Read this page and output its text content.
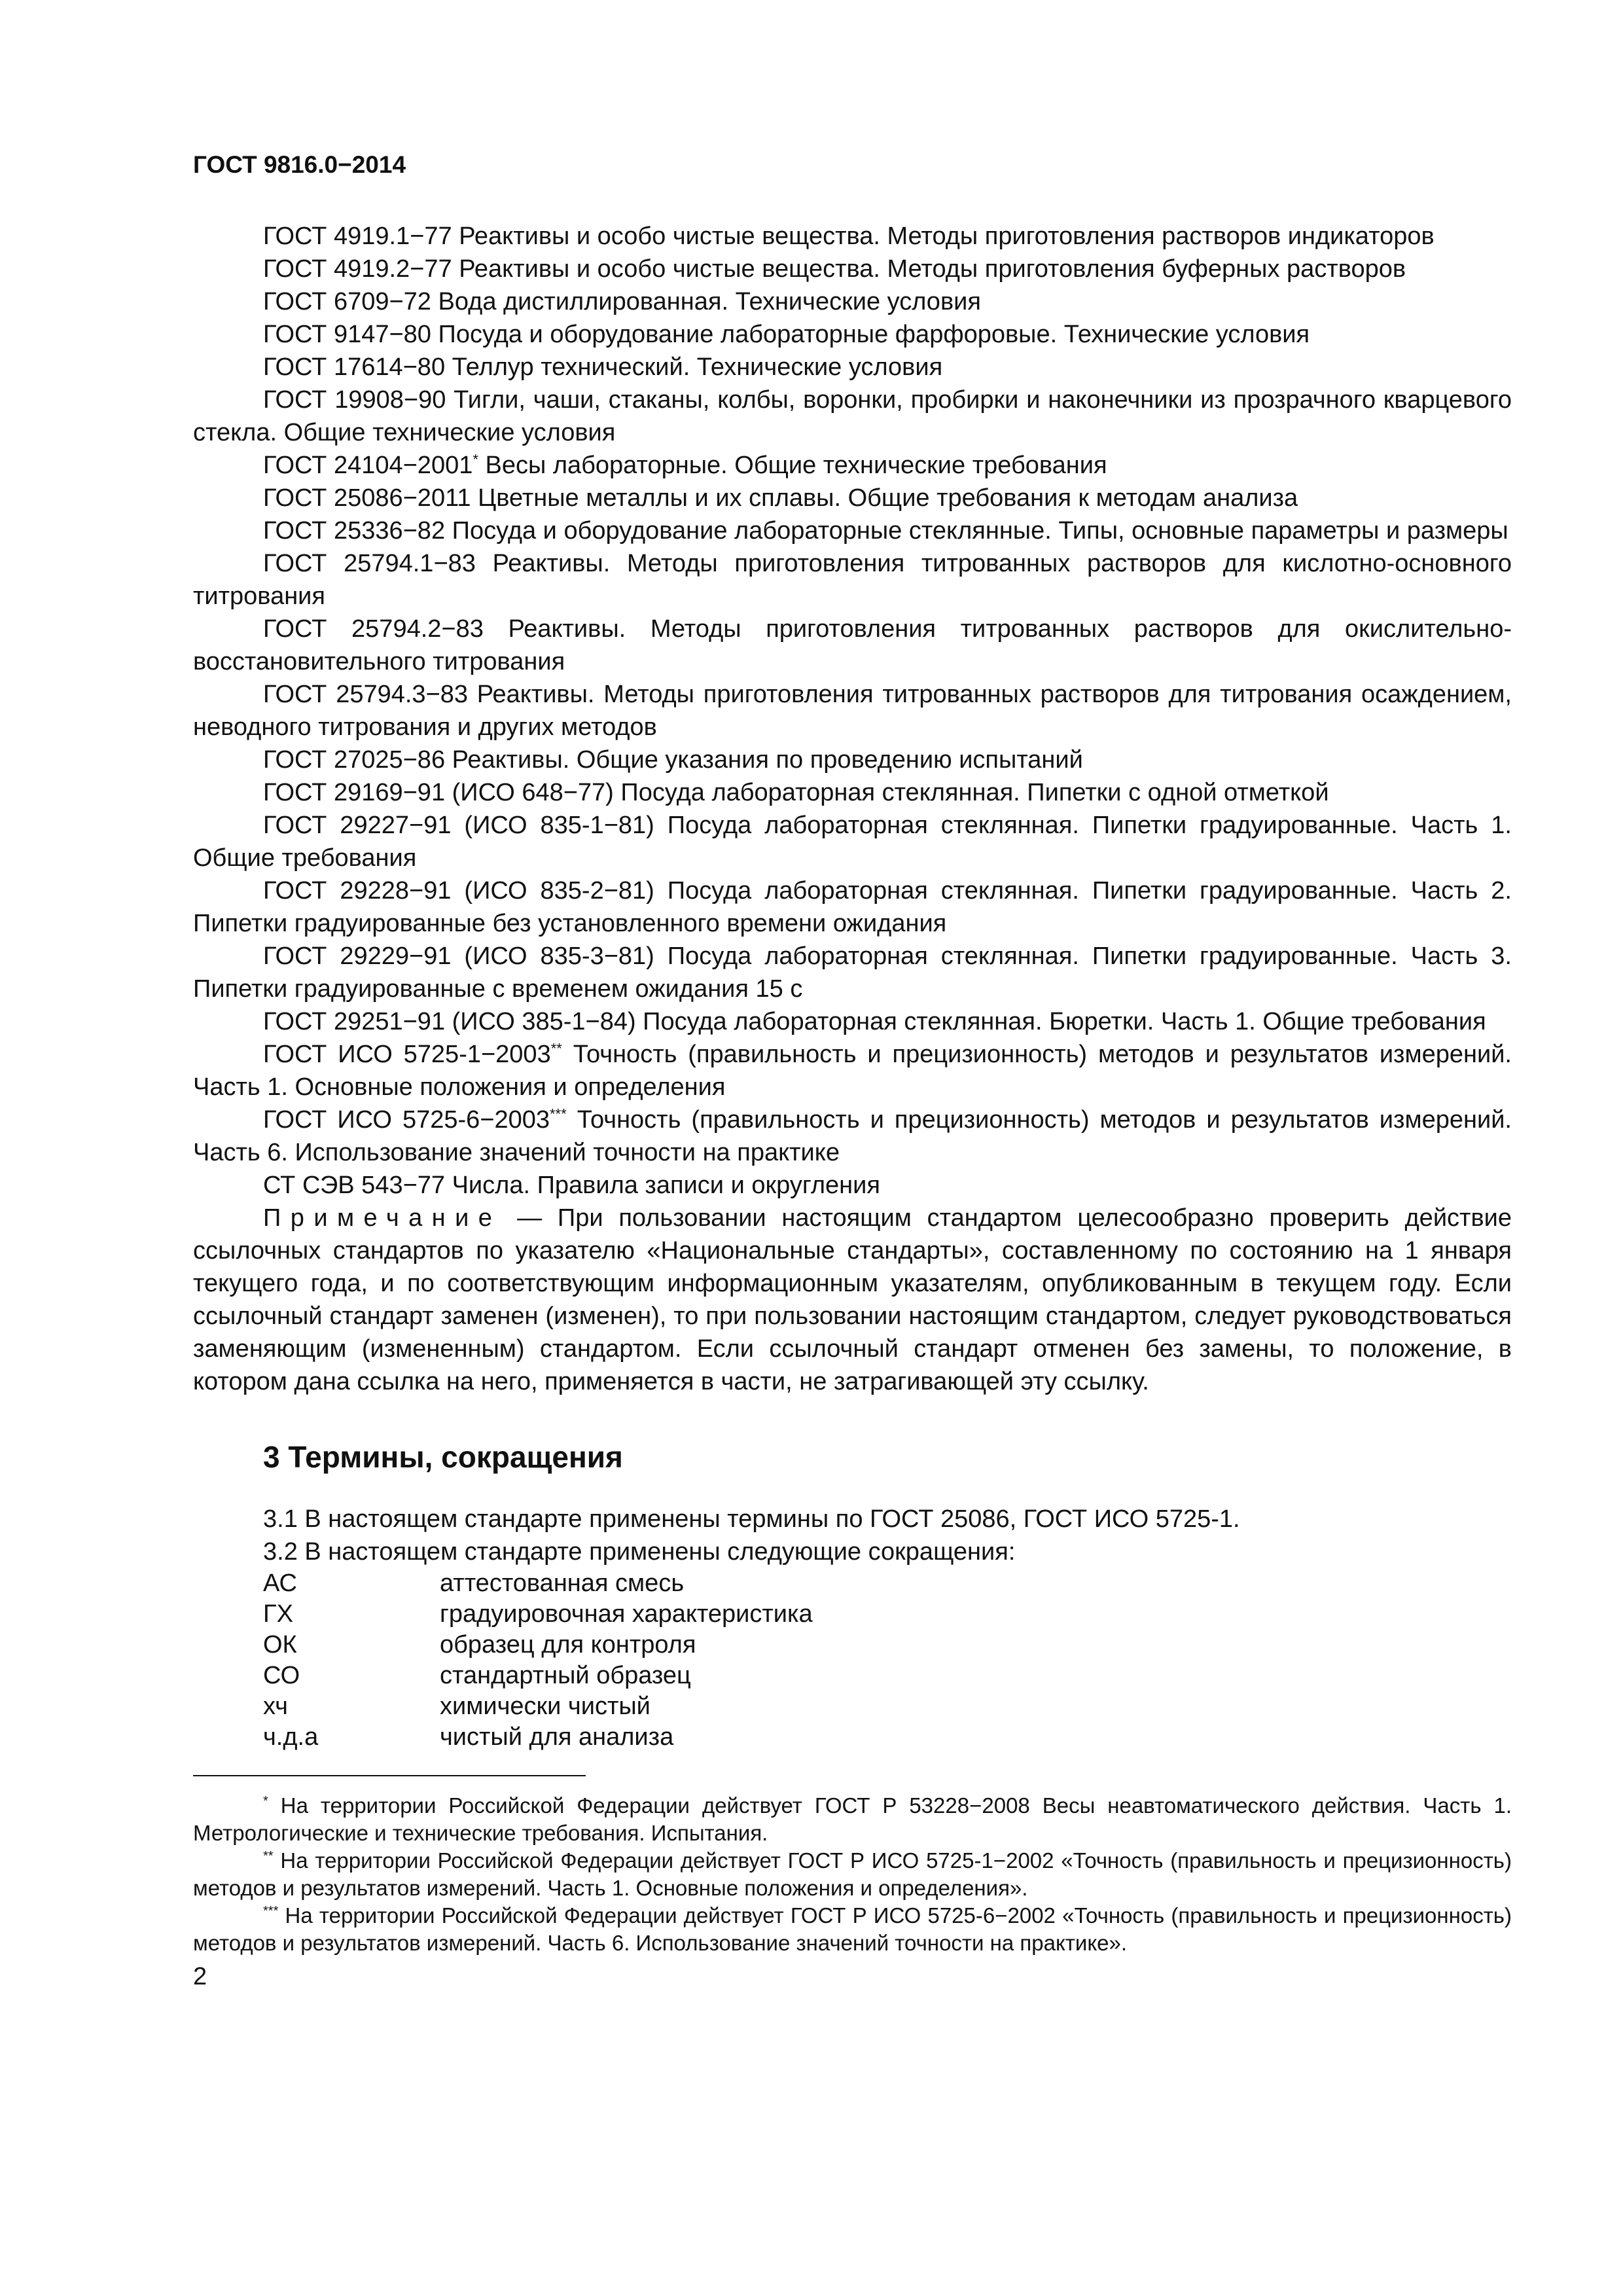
ГОСТ 9816.0−2014

ГОСТ 4919.1−77 Реактивы и особо чистые вещества. Методы приготовления растворов индикаторов

ГОСТ 4919.2−77 Реактивы и особо чистые вещества. Методы приготовления буферных растворов

ГОСТ 6709−72 Вода дистиллированная. Технические условия

ГОСТ 9147−80 Посуда и оборудование лабораторные фарфоровые. Технические условия

ГОСТ 17614−80 Теллур технический. Технические условия

ГОСТ 19908−90 Тигли, чаши, стаканы, колбы, воронки, пробирки и наконечники из прозрачного кварцевого стекла. Общие технические условия

ГОСТ 24104−2001* Весы лабораторные. Общие технические требования

ГОСТ 25086−2011 Цветные металлы и их сплавы. Общие требования к методам анализа

ГОСТ 25336−82 Посуда и оборудование лабораторные стеклянные. Типы, основные параметры и размеры

ГОСТ 25794.1−83 Реактивы. Методы приготовления титрованных растворов для кислотно-основного титрования

ГОСТ 25794.2−83 Реактивы. Методы приготовления титрованных растворов для окислительно-восстановительного титрования

ГОСТ 25794.3−83 Реактивы. Методы приготовления титрованных растворов для титрования осаждением, неводного титрования и других методов

ГОСТ 27025−86 Реактивы. Общие указания по проведению испытаний

ГОСТ 29169−91 (ИСО 648−77) Посуда лабораторная стеклянная. Пипетки с одной отметкой

ГОСТ 29227−91 (ИСО 835-1−81) Посуда лабораторная стеклянная. Пипетки градуированные. Часть 1. Общие требования

ГОСТ 29228−91 (ИСО 835-2−81) Посуда лабораторная стеклянная. Пипетки градуированные. Часть 2. Пипетки градуированные без установленного времени ожидания

ГОСТ 29229−91 (ИСО 835-3−81) Посуда лабораторная стеклянная. Пипетки градуированные. Часть 3. Пипетки градуированные с временем ожидания 15 с

ГОСТ 29251−91 (ИСО 385-1−84) Посуда лабораторная стеклянная. Бюретки. Часть 1. Общие требования

ГОСТ ИСО 5725-1−2003** Точность (правильность и прецизионность) методов и результатов измерений. Часть 1. Основные положения и определения

ГОСТ ИСО 5725-6−2003*** Точность (правильность и прецизионность) методов и результатов измерений. Часть 6. Использование значений точности на практике

СТ СЭВ 543−77 Числа. Правила записи и округления

Примечание — При пользовании настоящим стандартом целесообразно проверить действие ссылочных стандартов по указателю «Национальные стандарты», составленному по состоянию на 1 января текущего года, и по соответствующим информационным указателям, опубликованным в текущем году. Если ссылочный стандарт заменен (изменен), то при пользовании настоящим стандартом, следует руководствоваться заменяющим (измененным) стандартом. Если ссылочный стандарт отменен без замены, то положение, в котором дана ссылка на него, применяется в части, не затрагивающей эту ссылку.

3 Термины, сокращения

3.1 В настоящем стандарте применены термины по ГОСТ 25086, ГОСТ ИСО 5725-1.

3.2 В настоящем стандарте применены следующие сокращения:

АС	аттестованная смесь
ГХ	градуировочная характеристика
ОК	образец для контроля
СО	стандартный образец
хч	химически чистый
ч.д.а	чистый для анализа

* На территории Российской Федерации действует ГОСТ Р 53228−2008 Весы неавтоматического действия. Часть 1. Метрологические и технические требования. Испытания.

** На территории Российской Федерации действует ГОСТ Р ИСО 5725-1−2002 «Точность (правильность и прецизионность) методов и результатов измерений. Часть 1. Основные положения и определения».

*** На территории Российской Федерации действует ГОСТ Р ИСО 5725-6−2002 «Точность (правильность и прецизионность) методов и результатов измерений. Часть 6. Использование значений точности на практике».

2
